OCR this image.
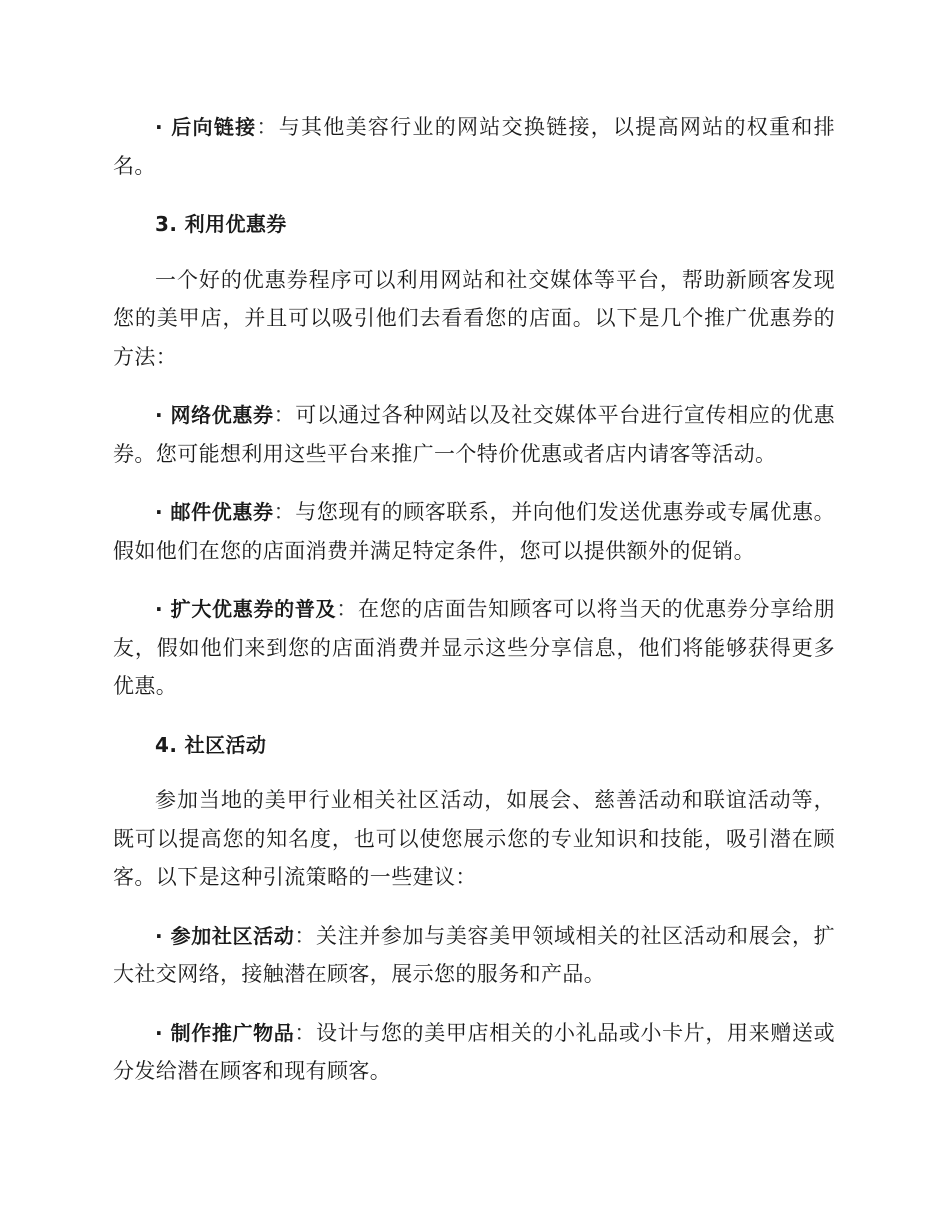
· 后向链接：与其他美容行业的网站交换链接，以提高网站的权重和排名。

3. 利用优惠券

一个好的优惠券程序可以利用网站和社交媒体等平台，帮助新顾客发现您的美甲店，并且可以吸引他们去看看您的店面。以下是几个推广优惠券的方法：

· 网络优惠券：可以通过各种网站以及社交媒体平台进行宣传相应的优惠券。您可能想利用这些平台来推广一个特价优惠或者店内请客等活动。

· 邮件优惠券：与您现有的顾客联系，并向他们发送优惠券或专属优惠。假如他们在您的店面消费并满足特定条件，您可以提供额外的促销。

· 扩大优惠券的普及：在您的店面告知顾客可以将当天的优惠券分享给朋友，假如他们来到您的店面消费并显示这些分享信息，他们将能够获得更多优惠。

4. 社区活动

参加当地的美甲行业相关社区活动，如展会、慈善活动和联谊活动等，既可以提高您的知名度，也可以使您展示您的专业知识和技能，吸引潜在顾客。以下是这种引流策略的一些建议：

· 参加社区活动：关注并参加与美容美甲领域相关的社区活动和展会，扩大社交网络，接触潜在顾客，展示您的服务和产品。

· 制作推广物品：设计与您的美甲店相关的小礼品或小卡片，用来赠送或分发给潜在顾客和现有顾客。
